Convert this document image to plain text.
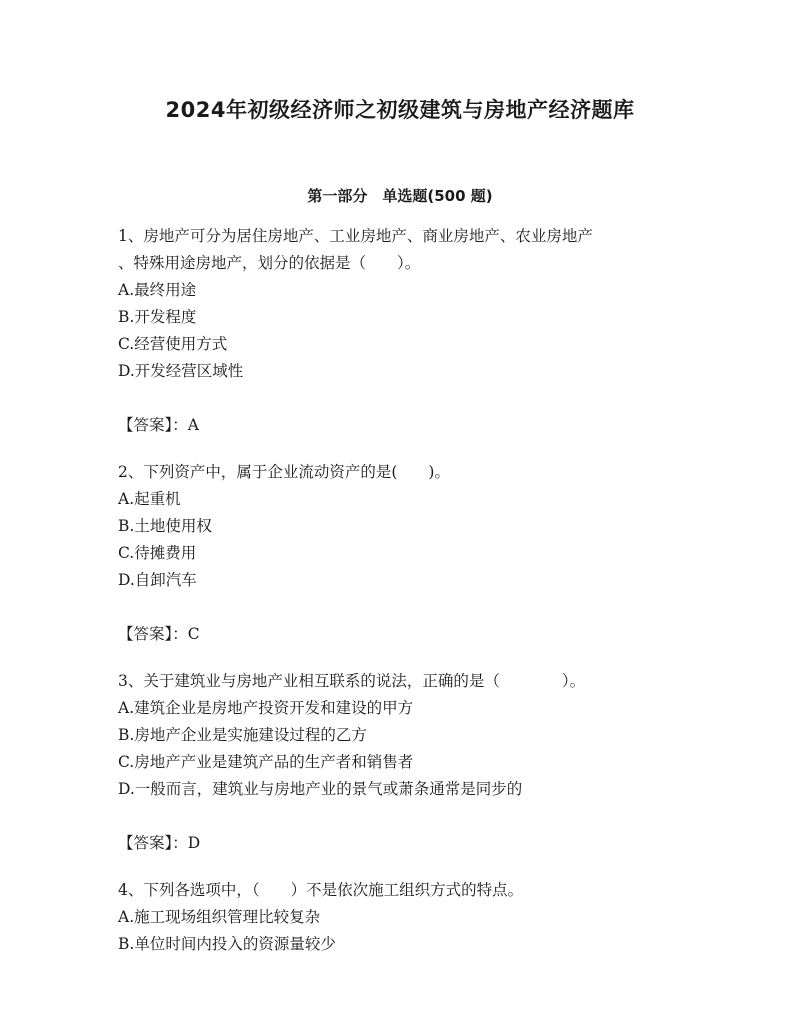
2024年初级经济师之初级建筑与房地产经济题库
第一部分　单选题(500 题)

1、房地产可分为居住房地产、工业房地产、商业房地产、农业房地产
、特殊用途房地产，划分的依据是（　　）。

A.最终用途
B.开发程度
C.经营使用方式
D.开发经营区域性
【答案】：A

2、下列资产中，属于企业流动资产的是(　　)。

A.起重机
B.土地使用权
C.待摊费用
D.自卸汽车
【答案】：C

3、关于建筑业与房地产业相互联系的说法，正确的是（　　　　）。

A.建筑企业是房地产投资开发和建设的甲方
B.房地产企业是实施建设过程的乙方
C.房地产产业是建筑产品的生产者和销售者
D.一般而言，建筑业与房地产业的景气或萧条通常是同步的
【答案】：D

4、下列各选项中，（　　）不是依次施工组织方式的特点。

A.施工现场组织管理比较复杂
B.单位时间内投入的资源量较少
